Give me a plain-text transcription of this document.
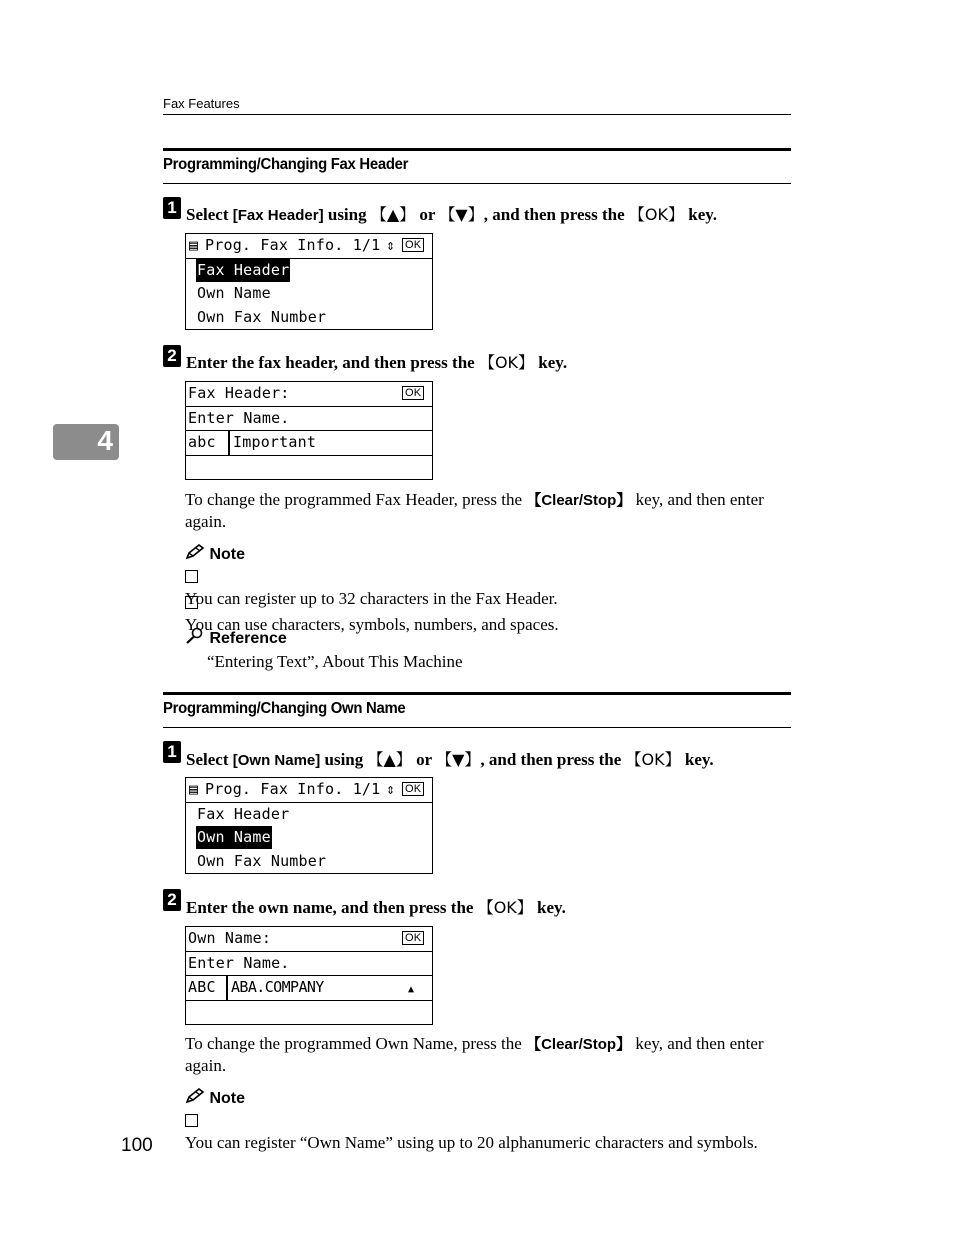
Fax Features
4
Programming/Changing Fax Header
1 Select [Fax Header] using 【▲】 or 【▼】, and then press the 【OK】 key.
▤ Prog. Fax Info. 1/1 ⇕ OK
Fax Header
Own Name
Own Fax Number
2 Enter the fax header, and then press the 【OK】 key.
Fax Header:	OK
Enter Name.
abc Important
To change the programmed Fax Header, press the 【Clear/Stop】 key, and then enter again.
Note
You can register up to 32 characters in the Fax Header.
You can use characters, symbols, numbers, and spaces.
Reference
“Entering Text”, About This Machine
Programming/Changing Own Name
1 Select [Own Name] using 【▲】 or 【▼】, and then press the 【OK】 key.
▤ Prog. Fax Info. 1/1 ⇕ OK
Fax Header
Own Name
Own Fax Number
2 Enter the own name, and then press the 【OK】 key.
Own Name:	OK
Enter Name.
ABC ABA.COMPANY	▲
To change the programmed Own Name, press the 【Clear/Stop】 key, and then enter again.
Note
You can register “Own Name” using up to 20 alphanumeric characters and symbols.
100
